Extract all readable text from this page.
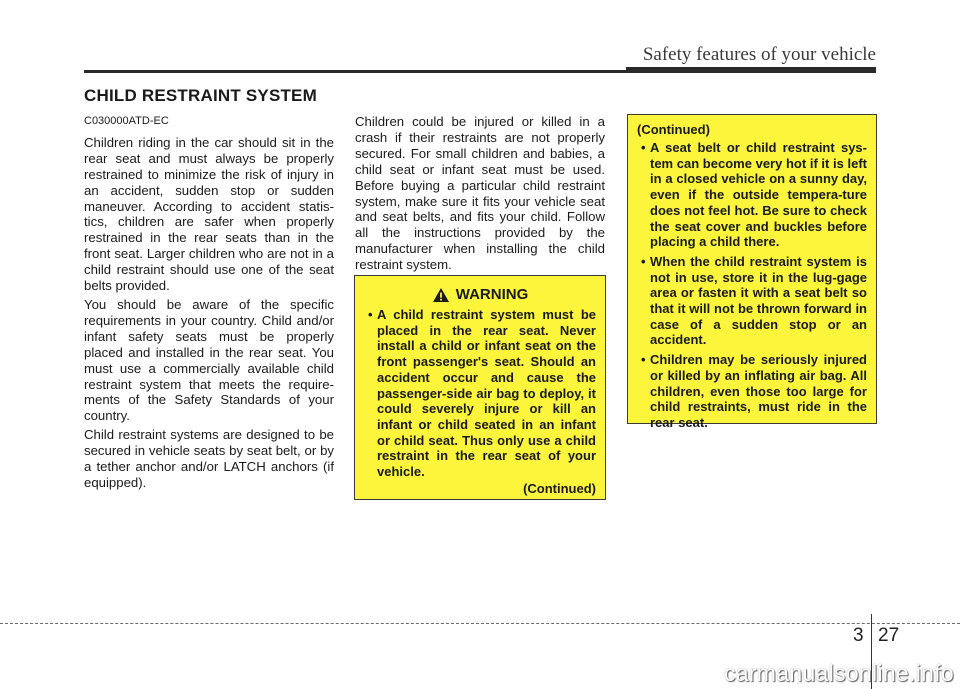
Safety features of your vehicle
CHILD RESTRAINT SYSTEM

C030000ATD-EC

Children riding in the car should sit in the rear seat and must always be properly restrained to minimize the risk of injury in an accident, sudden stop or sudden maneuver. According to accident statis-tics, children are safer when properly restrained in the rear seats than in the front seat. Larger children who are not in a child restraint should use one of the seat belts provided.

You should be aware of the specific requirements in your country. Child and/or infant safety seats must be properly placed and installed in the rear seat. You must use a commercially available child restraint system that meets the require-ments of the Safety Standards of your country.

Child restraint systems are designed to be secured in vehicle seats by seat belt, or by a tether anchor and/or LATCH anchors (if equipped).

Children could be injured or killed in a crash if their restraints are not properly secured. For small children and babies, a child seat or infant seat must be used. Before buying a particular child restraint system, make sure it fits your vehicle seat and seat belts, and fits your child. Follow all the instructions provided by the manufacturer when installing the child restraint system.

WARNING
• A child restraint system must be placed in the rear seat. Never install a child or infant seat on the front passenger's seat. Should an accident occur and cause the passenger-side air bag to deploy, it could severely injure or kill an infant or child seated in an infant or child seat. Thus only use a child restraint in the rear seat of your vehicle.
(Continued)
(Continued)
• A seat belt or child restraint sys-tem can become very hot if it is left in a closed vehicle on a sunny day, even if the outside tempera-ture does not feel hot. Be sure to check the seat cover and buckles before placing a child there.
• When the child restraint system is not in use, store it in the lug-gage area or fasten it with a seat belt so that it will not be thrown forward in case of a sudden stop or an accident.
• Children may be seriously injured or killed by an inflating air bag. All children, even those too large for child restraints, must ride in the rear seat.
3 27
carmanualsonline.info
